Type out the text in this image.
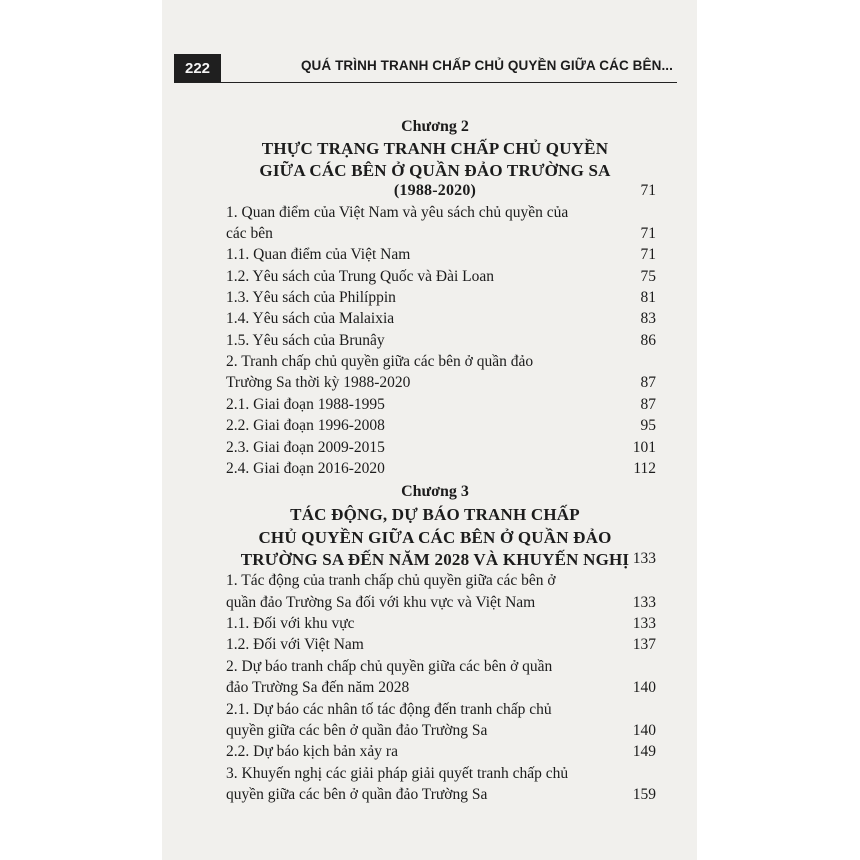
222	QUÁ TRÌNH TRANH CHẤP CHỦ QUYỀN GIỮA CÁC BÊN...
Chương 2
THỰC TRẠNG TRANH CHẤP CHỦ QUYỀN
GIỮA CÁC BÊN Ở QUẦN ĐẢO TRƯỜNG SA
(1988-2020)	71
1. Quan điểm của Việt Nam và yêu sách chủ quyền của
các bên	71
1.1. Quan điểm của Việt Nam	71
1.2. Yêu sách của Trung Quốc và Đài Loan	75
1.3. Yêu sách của Philíppin	81
1.4. Yêu sách của Malaixia	83
1.5. Yêu sách của Brunây	86
2. Tranh chấp chủ quyền giữa các bên ở quần đảo
Trường Sa thời kỳ 1988-2020	87
2.1. Giai đoạn 1988-1995	87
2.2. Giai đoạn 1996-2008	95
2.3. Giai đoạn 2009-2015	101
2.4. Giai đoạn 2016-2020	112
Chương 3
TÁC ĐỘNG, DỰ BÁO TRANH CHẤP
CHỦ QUYỀN GIỮA CÁC BÊN Ở QUẦN ĐẢO
TRƯỜNG SA ĐẾN NĂM 2028 VÀ KHUYẾN NGHỊ 133
1. Tác động của tranh chấp chủ quyền giữa các bên ở
quần đảo Trường Sa đối với khu vực và Việt Nam	133
1.1. Đối với khu vực	133
1.2. Đối với Việt Nam	137
2. Dự báo tranh chấp chủ quyền giữa các bên ở quần
đảo Trường Sa đến năm 2028	140
2.1. Dự báo các nhân tố tác động đến tranh chấp chủ
quyền giữa các bên ở quần đảo Trường Sa	140
2.2. Dự báo kịch bản xảy ra	149
3. Khuyến nghị các giải pháp giải quyết tranh chấp chủ
quyền giữa các bên ở quần đảo Trường Sa	159
